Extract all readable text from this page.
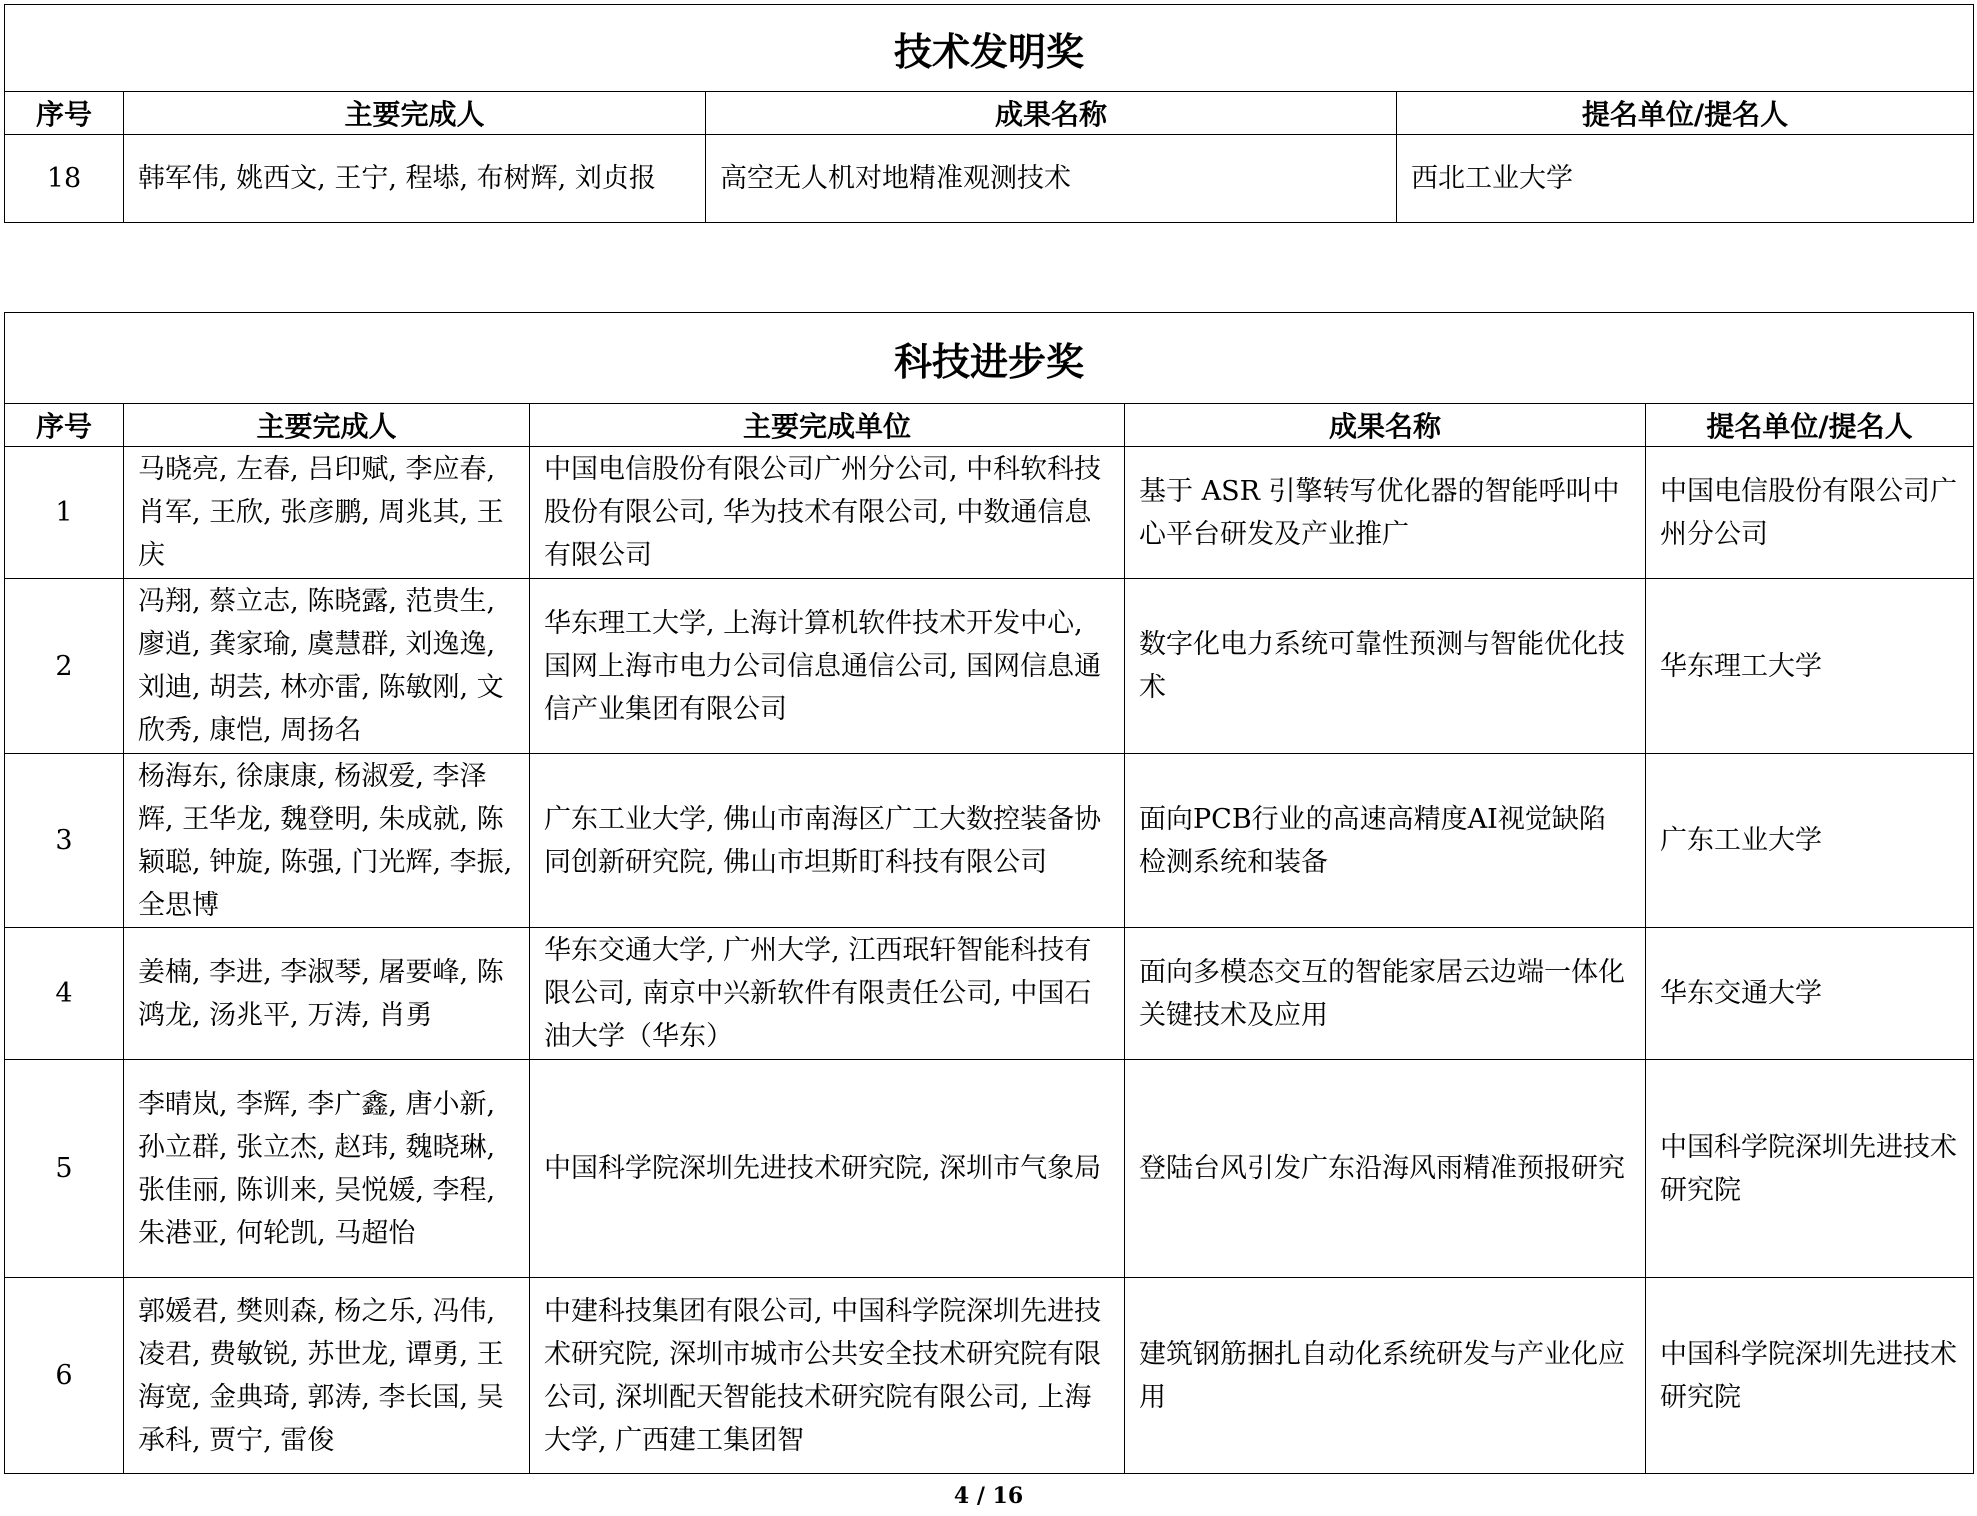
技术发明奖			
序号	主要完成人	成果名称	提名单位/提名人
18	韩军伟, 姚西文, 王宁, 程塨, 布树辉, 刘贞报	高空无人机对地精准观测技术	西北工业大学
科技进步奖				
序号	主要完成人	主要完成单位	成果名称	提名单位/提名人
1	马晓亮, 左春, 吕印赋, 李应春, 肖军, 王欣, 张彦鹏, 周兆其, 王庆	中国电信股份有限公司广州分公司, 中科软科技股份有限公司, 华为技术有限公司, 中数通信息有限公司	基于 ASR 引擎转写优化器的智能呼叫中心平台研发及产业推广	中国电信股份有限公司广州分公司
2	冯翔, 蔡立志, 陈晓露, 范贵生, 廖逍, 龚家瑜, 虞慧群, 刘逸逸, 刘迪, 胡芸, 林亦雷, 陈敏刚, 文欣秀, 康恺, 周扬名	华东理工大学, 上海计算机软件技术开发中心, 国网上海市电力公司信息通信公司, 国网信息通信产业集团有限公司	数字化电力系统可靠性预测与智能优化技术	华东理工大学
3	杨海东, 徐康康, 杨淑爱, 李泽辉, 王华龙, 魏登明, 朱成就, 陈颖聪, 钟旋, 陈强, 门光辉, 李振, 全思博	广东工业大学, 佛山市南海区广工大数控装备协同创新研究院, 佛山市坦斯盯科技有限公司	面向PCB行业的高速高精度AI视觉缺陷检测系统和装备	广东工业大学
4	姜楠, 李进, 李淑琴, 屠要峰, 陈鸿龙, 汤兆平, 万涛, 肖勇	华东交通大学, 广州大学, 江西珉轩智能科技有限公司, 南京中兴新软件有限责任公司, 中国石油大学（华东）	面向多模态交互的智能家居云边端一体化关键技术及应用	华东交通大学
5	李晴岚, 李辉, 李广鑫, 唐小新, 孙立群, 张立杰, 赵玮, 魏晓琳, 张佳丽, 陈训来, 吴悦媛, 李程, 朱港亚, 何轮凯, 马超怡	中国科学院深圳先进技术研究院, 深圳市气象局	登陆台风引发广东沿海风雨精准预报研究	中国科学院深圳先进技术研究院
6	郭媛君, 樊则森, 杨之乐, 冯伟, 凌君, 费敏锐, 苏世龙, 谭勇, 王海宽, 金典琦, 郭涛, 李长国, 吴承科, 贾宁, 雷俊	中建科技集团有限公司, 中国科学院深圳先进技术研究院, 深圳市城市公共安全技术研究院有限公司, 深圳配天智能技术研究院有限公司, 上海大学, 广西建工集团智	建筑钢筋捆扎自动化系统研发与产业化应用	中国科学院深圳先进技术研究院
4 / 16
